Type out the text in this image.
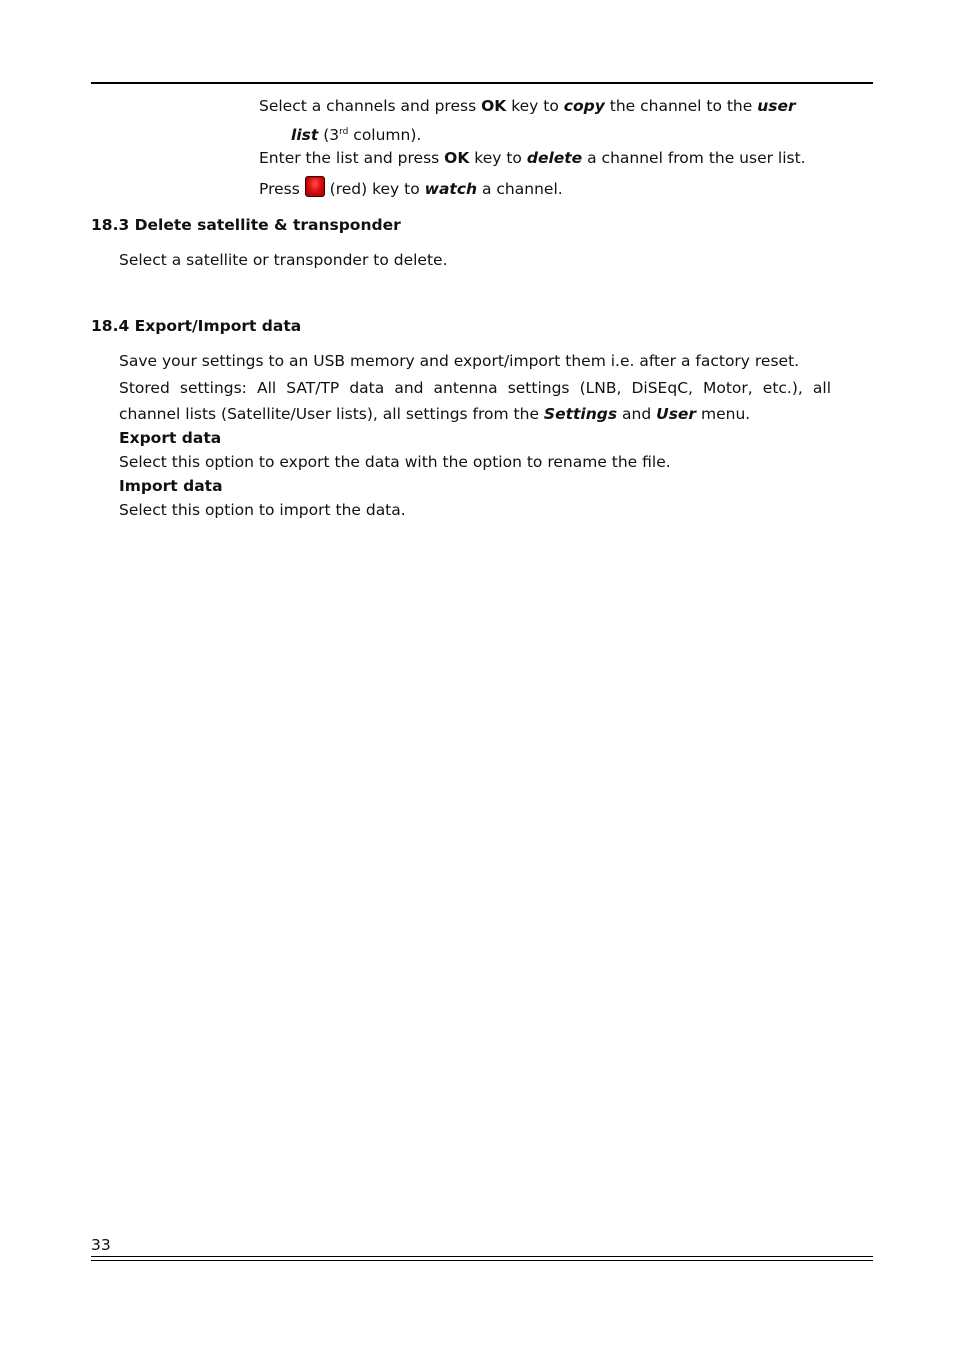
Select a channels and press OK key to copy the channel to the user
list (3rd column).
Enter the list and press OK key to delete a channel from the user list.
Press  (red) key to watch a channel.
18.3 Delete satellite & transponder
Select a satellite or transponder to delete.
18.4 Export/Import data
Save your settings to an USB memory and export/import them i.e. after a factory reset.
Stored settings: All SAT/TP data and antenna settings (LNB, DiSEqC, Motor, etc.), all
channel lists (Satellite/User lists), all settings from the Settings and User menu.
Export data
Select this option to export the data with the option to rename the file.
Import data
Select this option to import the data.
33
